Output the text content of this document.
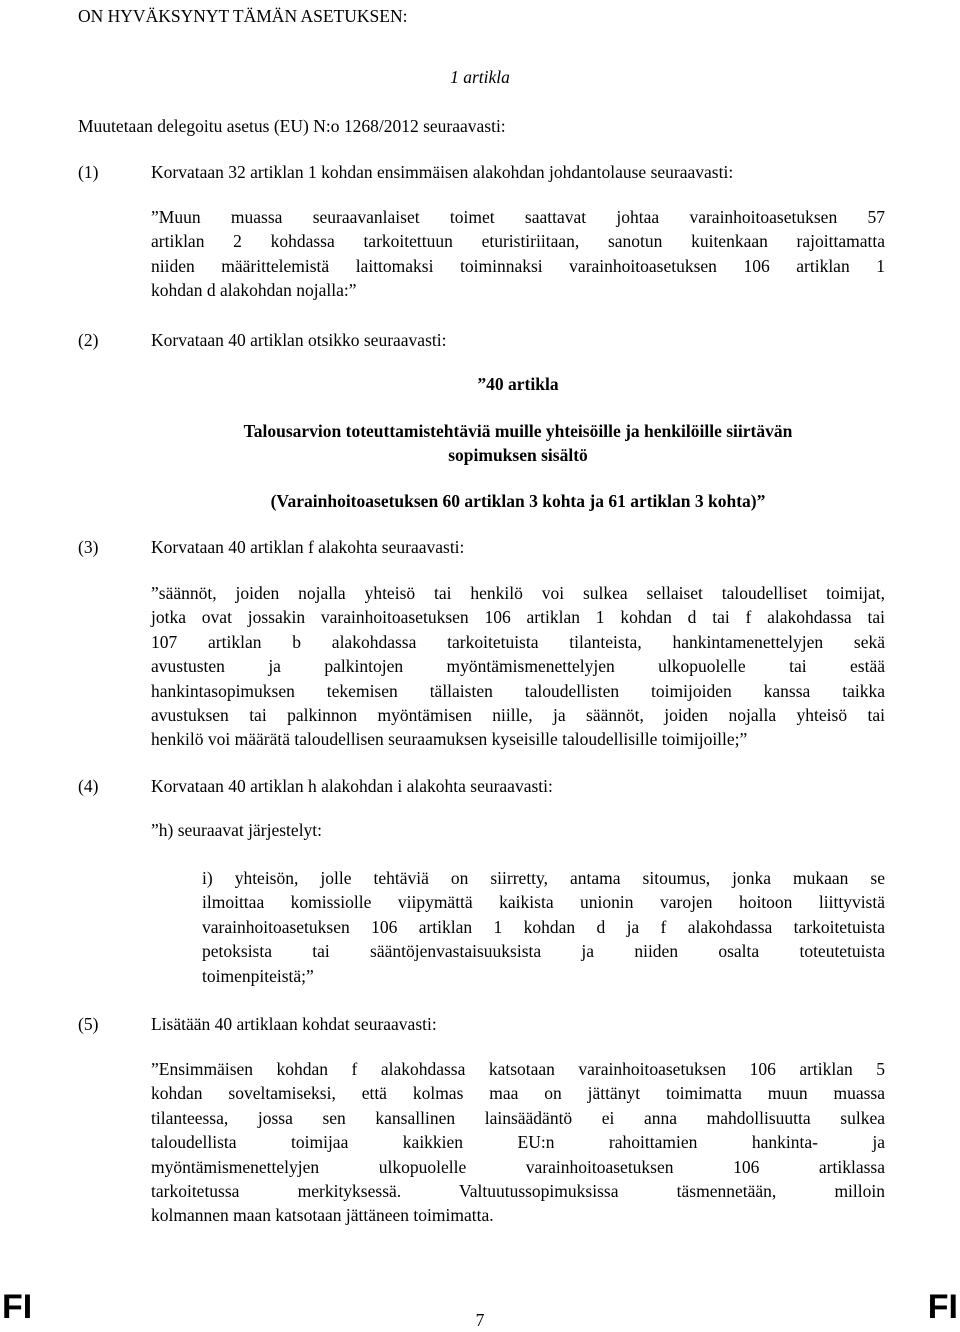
ON HYVÄKSYNYT TÄMÄN ASETUKSEN:
1 artikla
Muutetaan delegoitu asetus (EU) N:o 1268/2012 seuraavasti:
(1)	Korvataan 32 artiklan 1 kohdan ensimmäisen alakohdan johdantolause seuraavasti:
”Muun muassa seuraavanlaiset toimet saattavat johtaa varainhoitoasetuksen 57
artiklan 2 kohdassa tarkoitettuun eturistiriitaan, sanotun kuitenkaan rajoittamatta
niiden määrittelemistä laittomaksi toiminnaksi varainhoitoasetuksen 106 artiklan 1
kohdan d alakohdan nojalla:”
(2)	Korvataan 40 artiklan otsikko seuraavasti:
”40 artikla
Talousarvion toteuttamistehtäviä muille yhteisöille ja henkilöille siirtävän
sopimuksen sisältö
(Varainhoitoasetuksen 60 artiklan 3 kohta ja 61 artiklan 3 kohta)”
(3)	Korvataan 40 artiklan f alakohta seuraavasti:
”säännöt, joiden nojalla yhteisö tai henkilö voi sulkea sellaiset taloudelliset toimijat,
jotka ovat jossakin varainhoitoasetuksen 106 artiklan 1 kohdan d tai f alakohdassa tai
107 artiklan b alakohdassa tarkoitetuista tilanteista, hankintamenettelyjen sekä
avustusten ja palkintojen myöntämismenettelyjen ulkopuolelle tai estää
hankintasopimuksen tekemisen tällaisten taloudellisten toimijoiden kanssa taikka
avustuksen tai palkinnon myöntämisen niille, ja säännöt, joiden nojalla yhteisö tai
henkilö voi määrätä taloudellisen seuraamuksen kyseisille taloudellisille toimijoille;”
(4)	Korvataan 40 artiklan h alakohdan i alakohta seuraavasti:
”h) seuraavat järjestelyt:
i) yhteisön, jolle tehtäviä on siirretty, antama sitoumus, jonka mukaan se
ilmoittaa komissiolle viipymättä kaikista unionin varojen hoitoon liittyvistä
varainhoitoasetuksen 106 artiklan 1 kohdan d ja f alakohdassa tarkoitetuista
petoksista tai sääntöjenvastaisuuksista ja niiden osalta toteutetuista
toimenpiteistä;”
(5)	Lisätään 40 artiklaan kohdat seuraavasti:
”Ensimmäisen kohdan f alakohdassa katsotaan varainhoitoasetuksen 106 artiklan 5
kohdan soveltamiseksi, että kolmas maa on jättänyt toimimatta muun muassa
tilanteessa, jossa sen kansallinen lainsäädäntö ei anna mahdollisuutta sulkea
taloudellista toimijaa kaikkien EU:n rahoittamien hankinta- ja
myöntämismenettelyjen ulkopuolelle varainhoitoasetuksen 106 artiklassa
tarkoitetussa merkityksessä. Valtuutussopimuksissa täsmennetään, milloin
kolmannen maan katsotaan jättäneen toimimatta.
FI	7	FI
